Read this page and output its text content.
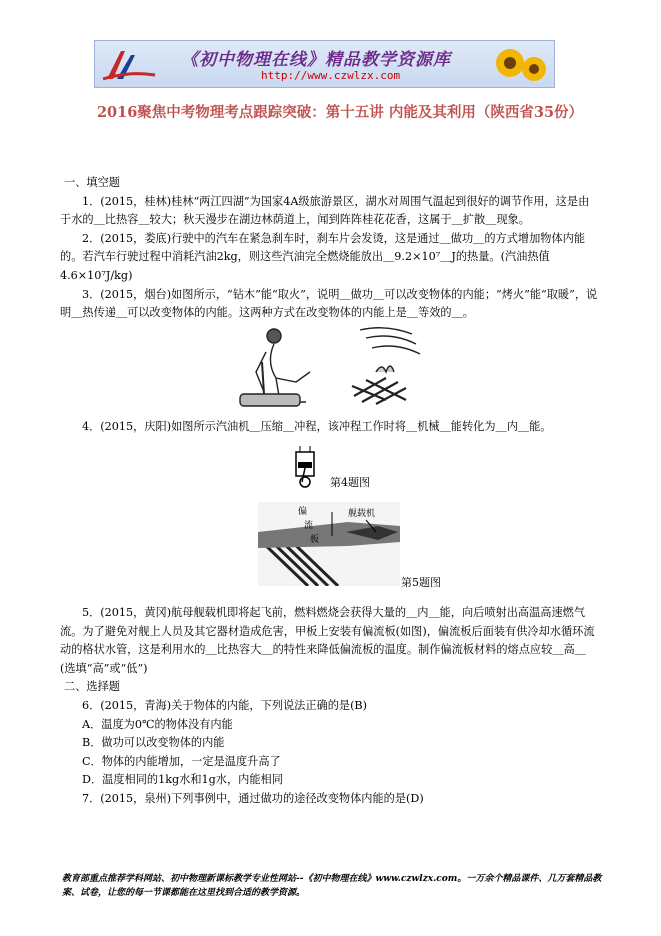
《初中物理在线》精品教学资源库
http://www.czwlzx.com
2016聚焦中考物理考点跟踪突破：第十五讲 内能及其利用（陕西省35份）

一、填空题

1．(2015，桂林)桂林“两江四湖”为国家4A级旅游景区，湖水对周围气温起到很好的调节作用，这是由于水的＿比热容＿较大；秋天漫步在湖边林荫道上，闻到阵阵桂花花香，这属于＿扩散＿现象。

2．(2015，娄底)行驶中的汽车在紧急刹车时，刹车片会发烫，这是通过＿做功＿的方式增加物体内能的。若汽车行驶过程中消耗汽油2kg，则这些汽油完全燃烧能放出＿9.2×10⁷＿J的热量。(汽油热值4.6×10⁷J/kg)

3．(2015，烟台)如图所示，“钻木”能“取火”，说明＿做功＿可以改变物体的内能；“烤火”能“取暖”，说明＿热传递＿可以改变物体的内能。这两种方式在改变物体的内能上是＿等效的＿。

4．(2015，庆阳)如图所示汽油机＿压缩＿冲程，该冲程工作时将＿机械＿能转化为＿内＿能。

第4题图
偏
流
板
舰载机
第5题图

5．(2015，黄冈)航母舰载机即将起飞前，燃料燃烧会获得大量的＿内＿能，向后喷射出高温高速燃气流。为了避免对舰上人员及其它器材造成危害，甲板上安装有偏流板(如图)，偏流板后面装有供冷却水循环流动的格状水管，这是利用水的＿比热容大＿的特性来降低偏流板的温度。制作偏流板材料的熔点应较＿高＿(选填“高”或“低”)

二、选择题

6．(2015，青海)关于物体的内能，下列说法正确的是(B)

A．温度为0℃的物体没有内能

B．做功可以改变物体的内能

C．物体的内能增加，一定是温度升高了

D．温度相同的1kg水和1g水，内能相同

7．(2015，泉州)下列事例中，通过做功的途径改变物体内能的是(D)

教育部重点推荐学科网站、初中物理新课标教学专业性网站--《初中物理在线》www.czwlzx.com。一万余个精品课件、几万套精品教案、试卷，让您的每一节课都能在这里找到合适的教学资源。
